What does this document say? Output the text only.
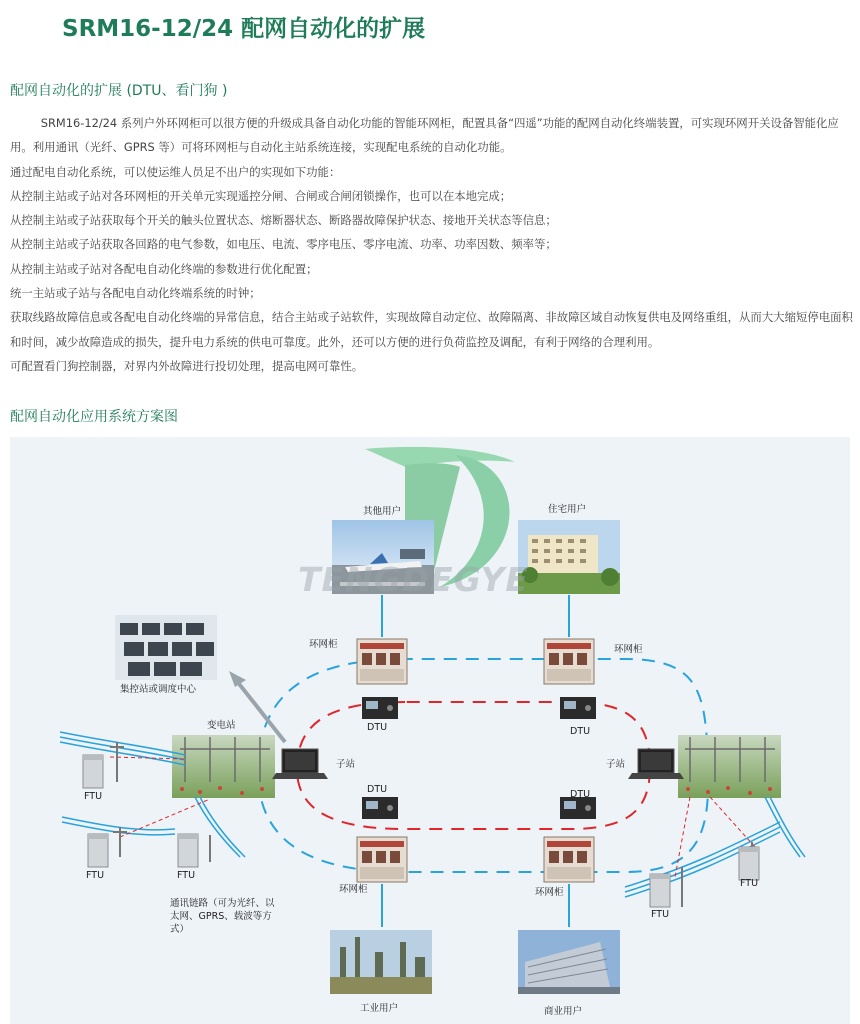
SRM16-12/24 配网自动化的扩展
配网自动化的扩展 (DTU、看门狗 )

SRM16-12/24 系列户外环网柜可以很方便的升级成具备自动化功能的智能环网柜，配置具备“四遥”功能的配网自动化终端装置，可实现环网开关设备智能化应用。利用通讯（光纤、GPRS 等）可将环网柜与自动化主站系统连接，实现配电系统的自动化功能。

通过配电自动化系统，可以使运维人员足不出户的实现如下功能：

从控制主站或子站对各环网柜的开关单元实现遥控分闸、合闸或合闸闭锁操作，也可以在本地完成；

从控制主站或子站获取每个开关的触头位置状态、熔断器状态、断路器故障保护状态、接地开关状态等信息；

从控制主站或子站获取各回路的电气参数，如电压、电流、零序电压、零序电流、功率、功率因数、频率等；

从控制主站或子站对各配电自动化终端的参数进行优化配置；

统一主站或子站与各配电自动化终端系统的时钟；

获取线路故障信息或各配电自动化终端的异常信息，结合主站或子站软件，实现故障自动定位、故障隔离、非故障区域自动恢复供电及网络重组，从而大大缩短停电面积和时间，减少故障造成的损失，提升电力系统的供电可靠度。此外，还可以方便的进行负荷监控及调配，有利于网络的合理利用。

可配置看门狗控制器，对界内外故障进行投切处理，提高电网可靠性。

配网自动化应用系统方案图
TENGDEGYE
其他用户	住宅用户
环网柜	环网柜
集控站或调度中心
变电站	DTU	DTU
子站	子站
DTU	DTU
FTU
FTU	FTU
FTU
FTU
环网柜	环网柜
通讯链路（可为光纤、以太网、GPRS、载波等方式）
工业用户	商业用户
